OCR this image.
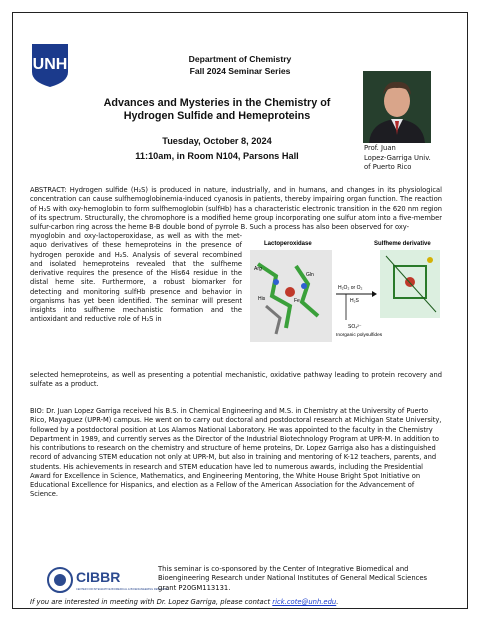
UNH	Department of Chemistry
Fall 2024 Seminar Series
Advances and Mysteries in the Chemistry of
Hydrogen Sulfide and Hemeproteins
Tuesday, October 8, 2024
11:10am, in Room N104, Parsons Hall
Prof. Juan
Lopez-Garriga Univ.
of Puerto Rico
ABSTRACT: Hydrogen sulfide (H₂S) is produced in nature, industrially, and in humans, and changes in its physiological concentration can cause sulfhemoglobinemia-induced cyanosis in patients, thereby impairing organ function. The reaction of H₂S with oxy-hemoglobin to form sulfhemoglobin (sulfHb) has a characteristic electronic transition in the 620 nm region of its spectrum. Structurally, the chromophore is a modified heme group incorporating one sulfur atom into a five-member sulfur-carbon ring across the heme B-B double bond of pyrrole B. Such a process has also been observed for oxy-
myoglobin and oxy-lactoperoxidase, as well as with the met-aquo derivatives of these hemeproteins in the presence of hydrogen peroxide and H₂S. Analysis of several recombined and isolated hemeproteins revealed that the sulfheme derivative requires the presence of the His64 residue in the distal heme site. Furthermore, a robust biomarker for detecting and monitoring sulfHb presence and behavior in organisms has yet been identified. The seminar will present insights into sulfheme mechanistic formation and the antioxidant and reductive role of H₂S in
Lactoperoxidase	Sulfheme derivative
Arg
Gln
His	Fe
H₂O₂ or O₂
H₂S
SO₄²⁻
Inorganic polysulfides
selected hemeproteins, as well as presenting a potential mechanistic, oxidative pathway leading to protein recovery and sulfate as a product.
BIO: Dr. Juan Lopez Garriga received his B.S. in Chemical Engineering and M.S. in Chemistry at the University of Puerto Rico, Mayaguez (UPR-M) campus. He went on to carry out doctoral and postdoctoral research at Michigan State University, followed by a postdoctoral position at Los Alamos National Laboratory. He was appointed to the faculty in the Chemistry Department in 1989, and currently serves as the Director of the Industrial Biotechnology Program at UPR-M. In addition to his contributions to research on the chemistry and structure of heme proteins, Dr. Lopez Garriga also has a distinguished record of advancing STEM education not only at UPR-M, but also in training and mentoring of K-12 teachers, parents, and students. His achievements in research and STEM education have led to numerous awards, including the Presidential Award for Excellence in Science, Mathematics, and Engineering Mentoring, the White House Bright Spot Initiative on Educational Excellence for Hispanics, and election as a Fellow of the American Association for the Advancement of Science.
CIBBR
CENTER FOR INTEGRATIVE BIOMEDICAL & BIOENGINEERING RESEARCH
This seminar is co-sponsored by the Center of Integrative Biomedical and Bioengineering Research under National Institutes of General Medical Sciences grant P20GM113131.
If you are interested in meeting with Dr. Lopez Garriga, please contact rick.cote@unh.edu.
